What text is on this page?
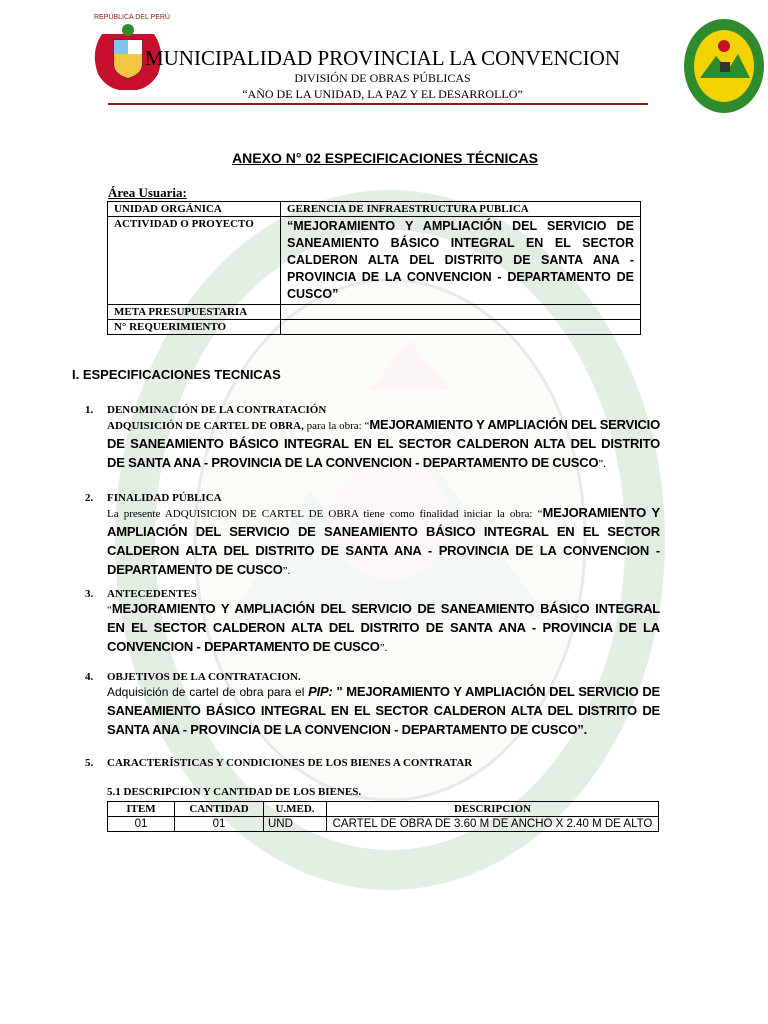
REPÚBLICA DEL PERÚ
MUNICIPALIDAD PROVINCIAL LA CONVENCION
DIVISIÓN DE OBRAS PÚBLICAS
“AÑO DE LA UNIDAD, LA PAZ Y EL DESARROLLO”
ANEXO N° 02 ESPECIFICACIONES TÉCNICAS
Área Usuaria:
UNIDAD ORGÁNICA	GERENCIA DE INFRAESTRUCTURA PUBLICA
ACTIVIDAD O PROYECTO	“MEJORAMIENTO Y AMPLIACIÓN DEL SERVICIO DE SANEAMIENTO BÁSICO INTEGRAL EN EL SECTOR CALDERON ALTA DEL DISTRITO DE SANTA ANA - PROVINCIA DE LA CONVENCION - DEPARTAMENTO DE CUSCO”
META PRESUPUESTARIA	
N° REQUERIMIENTO	
I. ESPECIFICACIONES TECNICAS
1. DENOMINACIÓN DE LA CONTRATACIÓN
ADQUISICIÓN DE CARTEL DE OBRA, para la obra: “MEJORAMIENTO Y AMPLIACIÓN DEL SERVICIO DE SANEAMIENTO BÁSICO INTEGRAL EN EL SECTOR CALDERON ALTA DEL DISTRITO DE SANTA ANA - PROVINCIA DE LA CONVENCION - DEPARTAMENTO DE CUSCO”.
2. FINALIDAD PÚBLICA
La presente ADQUISICION DE CARTEL DE OBRA tiene como finalidad iniciar la obra: “MEJORAMIENTO Y AMPLIACIÓN DEL SERVICIO DE SANEAMIENTO BÁSICO INTEGRAL EN EL SECTOR CALDERON ALTA DEL DISTRITO DE SANTA ANA - PROVINCIA DE LA CONVENCION - DEPARTAMENTO DE CUSCO”.
3. ANTECEDENTES
“MEJORAMIENTO Y AMPLIACIÓN DEL SERVICIO DE SANEAMIENTO BÁSICO INTEGRAL EN EL SECTOR CALDERON ALTA DEL DISTRITO DE SANTA ANA - PROVINCIA DE LA CONVENCION - DEPARTAMENTO DE CUSCO”.
4. OBJETIVOS DE LA CONTRATACION.
Adquisición de cartel de obra para el PIP: " MEJORAMIENTO Y AMPLIACIÓN DEL SERVICIO DE SANEAMIENTO BÁSICO INTEGRAL EN EL SECTOR CALDERON ALTA DEL DISTRITO DE SANTA ANA - PROVINCIA DE LA CONVENCION - DEPARTAMENTO DE CUSCO”.
5. CARACTERÍSTICAS Y CONDICIONES DE LOS BIENES A CONTRATAR
5.1 DESCRIPCION Y CANTIDAD DE LOS BIENES.
ITEM	CANTIDAD	U.MED.	DESCRIPCION
01	01	UND	CARTEL DE OBRA DE 3.60 M DE ANCHO X 2.40 M DE ALTO
